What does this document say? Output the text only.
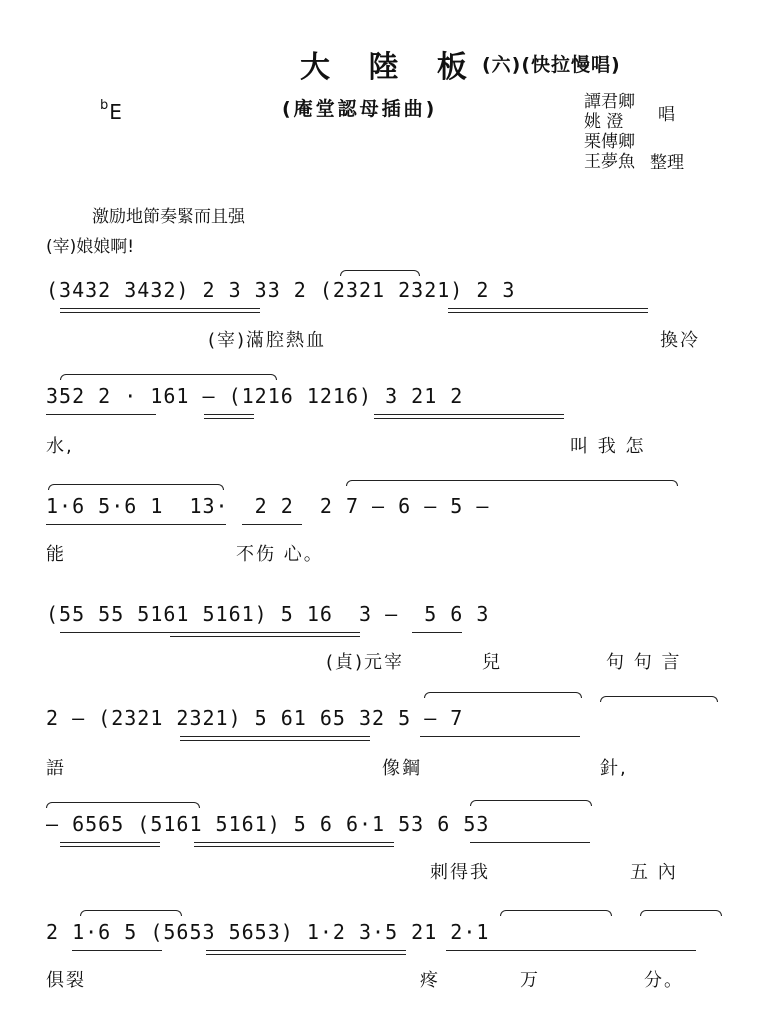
大 陸 板 (六)(快拉慢唱)
(庵堂認母插曲)
$^b$E	譚君卿
姚 澄
栗傳卿
王夢魚
唱
整理
激励地節奏緊而且强
(宰)娘娘啊!
(3432 3432) 2 3 33 2 (2321 2321) 2 3
(宰)滿腔熱血	換冷
352 2 · 161 — (1216 1216) 3 21 2
水,	叫 我 怎
1·6 5·6 1  13·  2 2  2 7 — 6 — 5 —
能	不伤 心。
(55 55 5161 5161) 5 16  3 —  5 6 3
(貞)元宰	兒	句 句 言
2 — (2321 2321) 5 61 65 32 5 — 7
語	像鋼	針,
— 6565 (5161 5161) 5 6 6·1 53 6 53
刺得我	五 內
2 1·6 5 (5653 5653) 1·2 3·5 21 2·1
俱裂	疼	万	分。
